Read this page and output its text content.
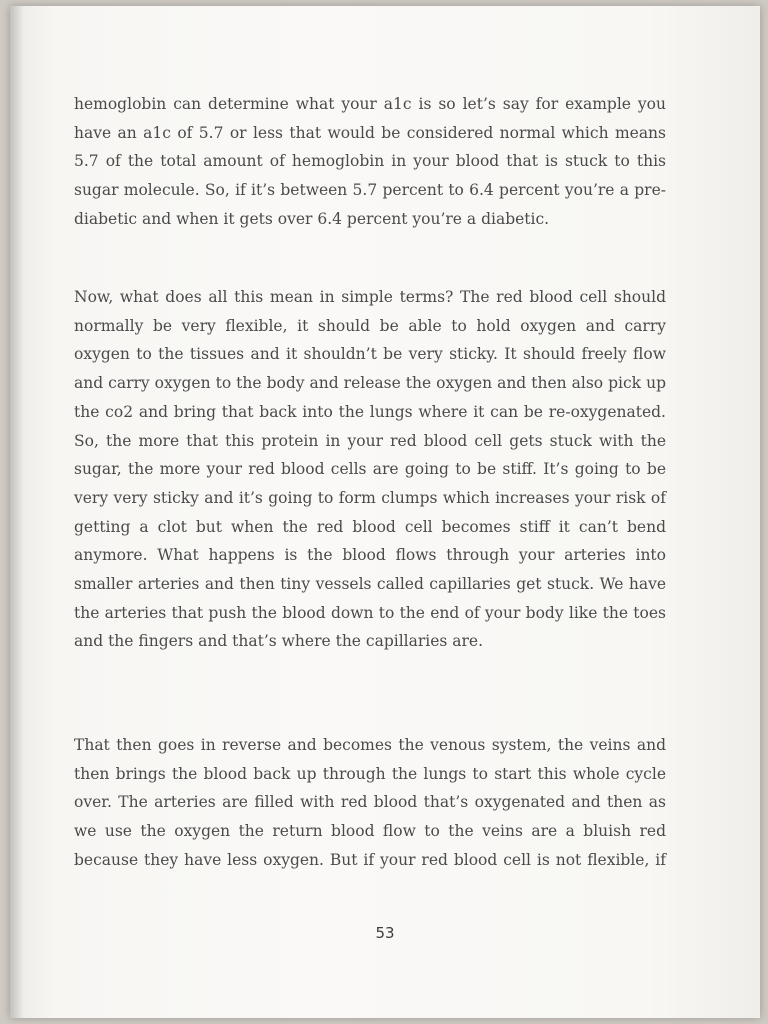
hemoglobin can determine what your a1c is so let’s say for example you have an a1c of 5.7 or less that would be considered normal which means 5.7 of the total amount of hemoglobin in your blood that is stuck to this sugar molecule. So, if it’s between 5.7 percent to 6.4 percent you’re a pre-diabetic and when it gets over 6.4 percent you’re a diabetic.

Now, what does all this mean in simple terms? The red blood cell should normally be very flexible, it should be able to hold oxygen and carry oxygen to the tissues and it shouldn’t be very sticky. It should freely flow and carry oxygen to the body and release the oxygen and then also pick up the co2 and bring that back into the lungs where it can be re-oxygenated. So, the more that this protein in your red blood cell gets stuck with the sugar, the more your red blood cells are going to be stiff. It’s going to be very very sticky and it’s going to form clumps which increases your risk of getting a clot but when the red blood cell becomes stiff it can’t bend anymore. What happens is the blood flows through your arteries into smaller arteries and then tiny vessels called capillaries get stuck. We have the arteries that push the blood down to the end of your body like the toes and the fingers and that’s where the capillaries are.

That then goes in reverse and becomes the venous system, the veins and then brings the blood back up through the lungs to start this whole cycle over. The arteries are filled with red blood that’s oxygenated and then as we use the oxygen the return blood flow to the veins are a bluish red because they have less oxygen. But if your red blood cell is not flexible, if

53
